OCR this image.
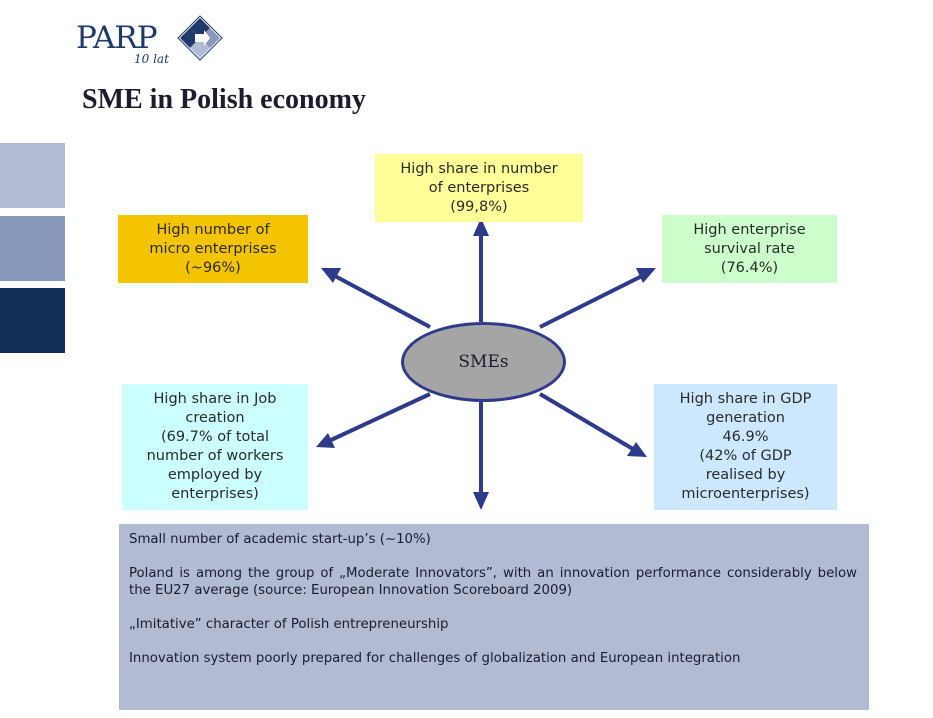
PARP
10 lat
SME in Polish economy
High share in number
of enterprises
(99,8%)
High number of
micro enterprises
(~96%)
High enterprise
survival rate
(76.4%)
High share in Job
creation
(69.7% of total
number of workers
employed by
enterprises)
High share in GDP
generation
46.9%
(42% of GDP
realised by
microenterprises)
SMEs

Small number of academic start-up’s (~10%)

Poland is among the group of „Moderate Innovators”, with an innovation performance considerably below the EU27 average (source: European Innovation Scoreboard 2009)

„Imitative” character of Polish entrepreneurship

Innovation system poorly prepared for challenges of globalization and European integration
